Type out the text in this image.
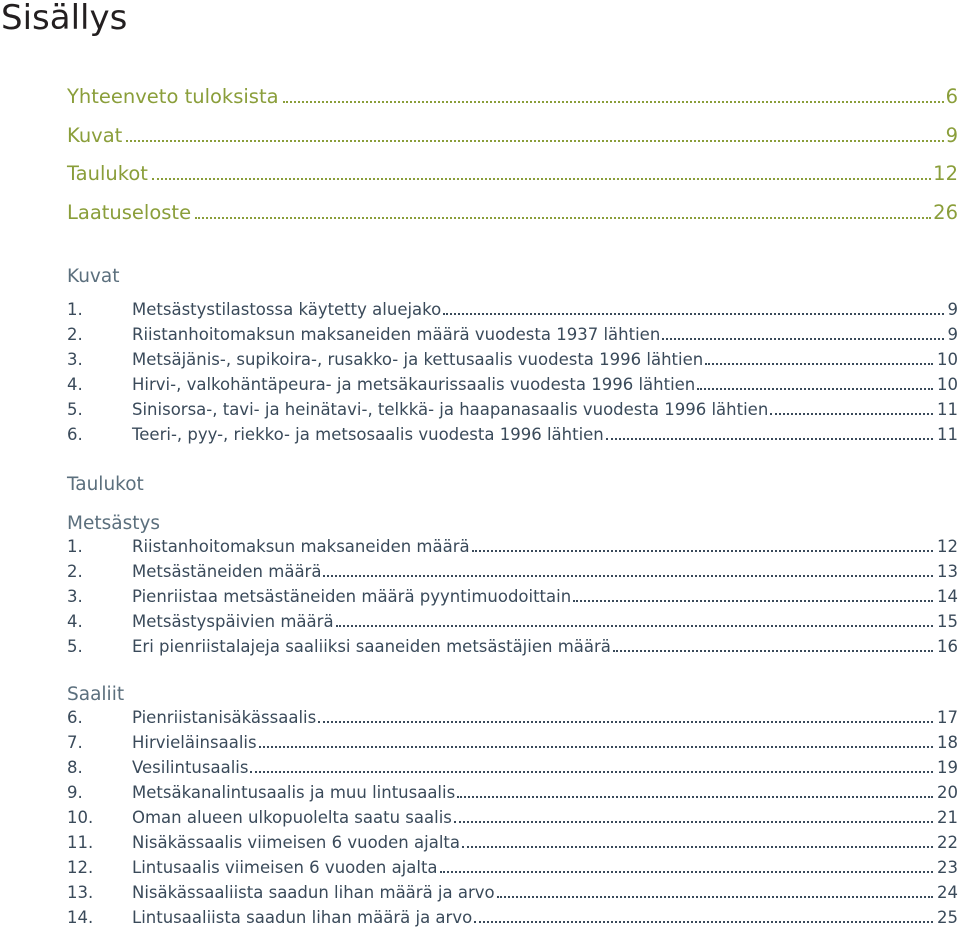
Sisällys
Yhteenveto tuloksista	6
Kuvat	9
Taulukot	12
Laatuseloste	26
Kuvat
1.	Metsästystilastossa käytetty aluejako	9
2.	Riistanhoitomaksun maksaneiden määrä vuodesta 1937 lähtien	9
3.	Metsäjänis-, supikoira-, rusakko- ja kettusaalis vuodesta 1996 lähtien	10
4.	Hirvi-, valkohäntäpeura- ja metsäkaurissaalis vuodesta 1996 lähtien	10
5.	Sinisorsa-, tavi- ja heinätavi-, telkkä- ja haapanasaalis vuodesta 1996 lähtien	11
6.	Teeri-, pyy-, riekko- ja metsosaalis vuodesta 1996 lähtien	11
Taulukot
Metsästys
1.	Riistanhoitomaksun maksaneiden määrä	12
2.	Metsästäneiden määrä	13
3.	Pienriistaa metsästäneiden määrä pyyntimuodoittain	14
4.	Metsästyspäivien määrä	15
5.	Eri pienriistalajeja saaliiksi saaneiden metsästäjien määrä	16
Saaliit
6.	Pienriistanisäkässaalis	17
7.	Hirvieläinsaalis	18
8.	Vesilintusaalis	19
9.	Metsäkanalintusaalis ja muu lintusaalis	20
10.	Oman alueen ulkopuolelta saatu saalis	21
11.	Nisäkässaalis viimeisen 6 vuoden ajalta	22
12.	Lintusaalis viimeisen 6 vuoden ajalta	23
13.	Nisäkässaaliista saadun lihan määrä ja arvo	24
14.	Lintusaaliista saadun lihan määrä ja arvo	25
